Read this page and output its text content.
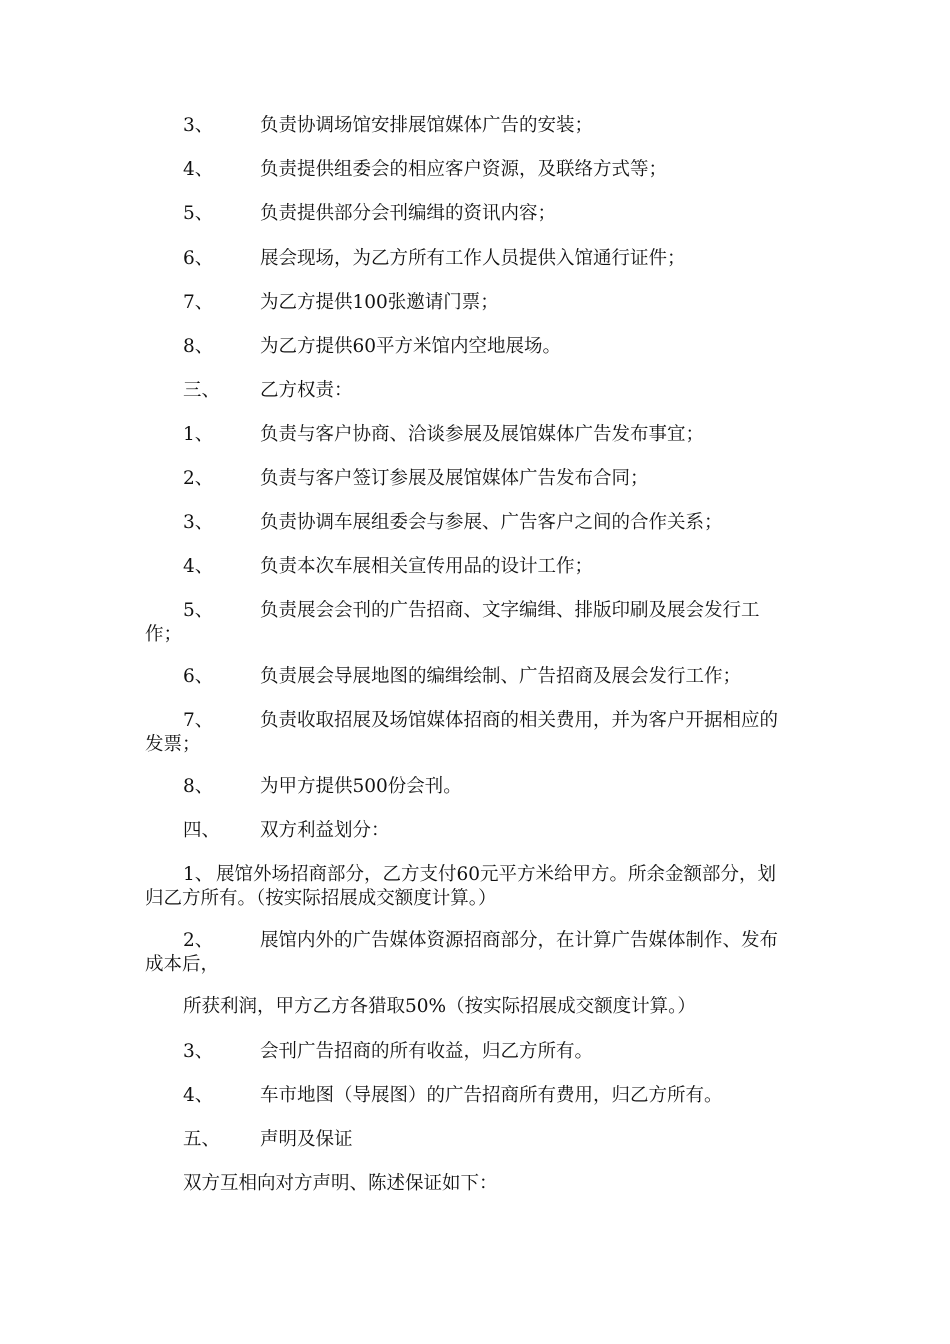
3、	负责协调场馆安排展馆媒体广告的安装；
4、	负责提供组委会的相应客户资源，及联络方式等；
5、	负责提供部分会刊编缉的资讯内容；
6、	展会现场，为乙方所有工作人员提供入馆通行证件；
7、	为乙方提供100张邀请门票；
8、	为乙方提供60平方米馆内空地展场。
三、 乙方权责：
1、	负责与客户协商、洽谈参展及展馆媒体广告发布事宜；
2、	负责与客户签订参展及展馆媒体广告发布合同；
3、	负责协调车展组委会与参展、广告客户之间的合作关系；
4、	负责本次车展相关宣传用品的设计工作；
5、	负责展会会刊的广告招商、文字编缉、排版印刷及展会发行工
作；
6、	负责展会导展地图的编缉绘制、广告招商及展会发行工作；
7、	负责收取招展及场馆媒体招商的相关费用，并为客户开据相应的
发票；
8、	为甲方提供500份会刊。
四、 双方利益划分：
1、 展馆外场招商部分，乙方支付60元平方米给甲方。所余金额部分，划
归乙方所有。（按实际招展成交额度计算。）
2、	展馆内外的广告媒体资源招商部分，在计算广告媒体制作、发布
成本后，
所获利润，甲方乙方各猎取50%（按实际招展成交额度计算。）
3、	会刊广告招商的所有收益，归乙方所有。
4、	车市地图（导展图）的广告招商所有费用，归乙方所有。
五、 声明及保证
双方互相向对方声明、陈述保证如下：
